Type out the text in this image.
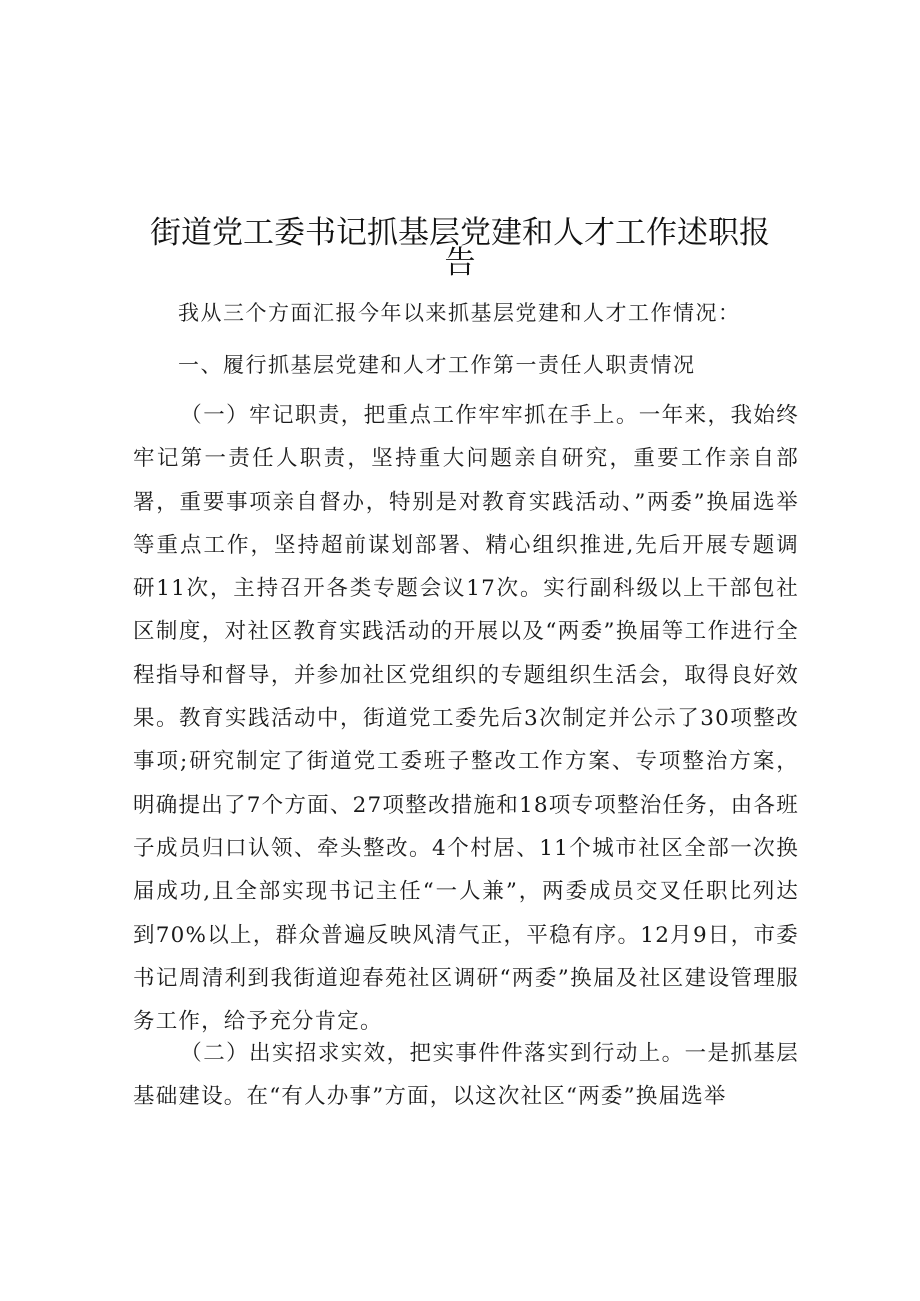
街道党工委书记抓基层党建和人才工作述职报告

我从三个方面汇报今年以来抓基层党建和人才工作情况：

一、履行抓基层党建和人才工作第一责任人职责情况

（一）牢记职责，把重点工作牢牢抓在手上。一年来，我始终牢记第一责任人职责，坚持重大问题亲自研究，重要工作亲自部署，重要事项亲自督办，特别是对教育实践活动、”两委”换届选举等重点工作，坚持超前谋划部署、精心组织推进,先后开展专题调研11次，主持召开各类专题会议17次。实行副科级以上干部包社区制度，对社区教育实践活动的开展以及“两委”换届等工作进行全程指导和督导，并参加社区党组织的专题组织生活会，取得良好效果。教育实践活动中，街道党工委先后3次制定并公示了30项整改事项;研究制定了街道党工委班子整改工作方案、专项整治方案，明确提出了7个方面、27项整改措施和18项专项整治任务，由各班子成员归口认领、牵头整改。4个村居、11个城市社区全部一次换届成功,且全部实现书记主任“一人兼”，两委成员交叉任职比列达到70%以上，群众普遍反映风清气正，平稳有序。12月9日，市委书记周清利到我街道迎春苑社区调研“两委”换届及社区建设管理服务工作，给予充分肯定。

（二）出实招求实效，把实事件件落实到行动上。一是抓基层基础建设。在“有人办事”方面，以这次社区“两委”换届选举
